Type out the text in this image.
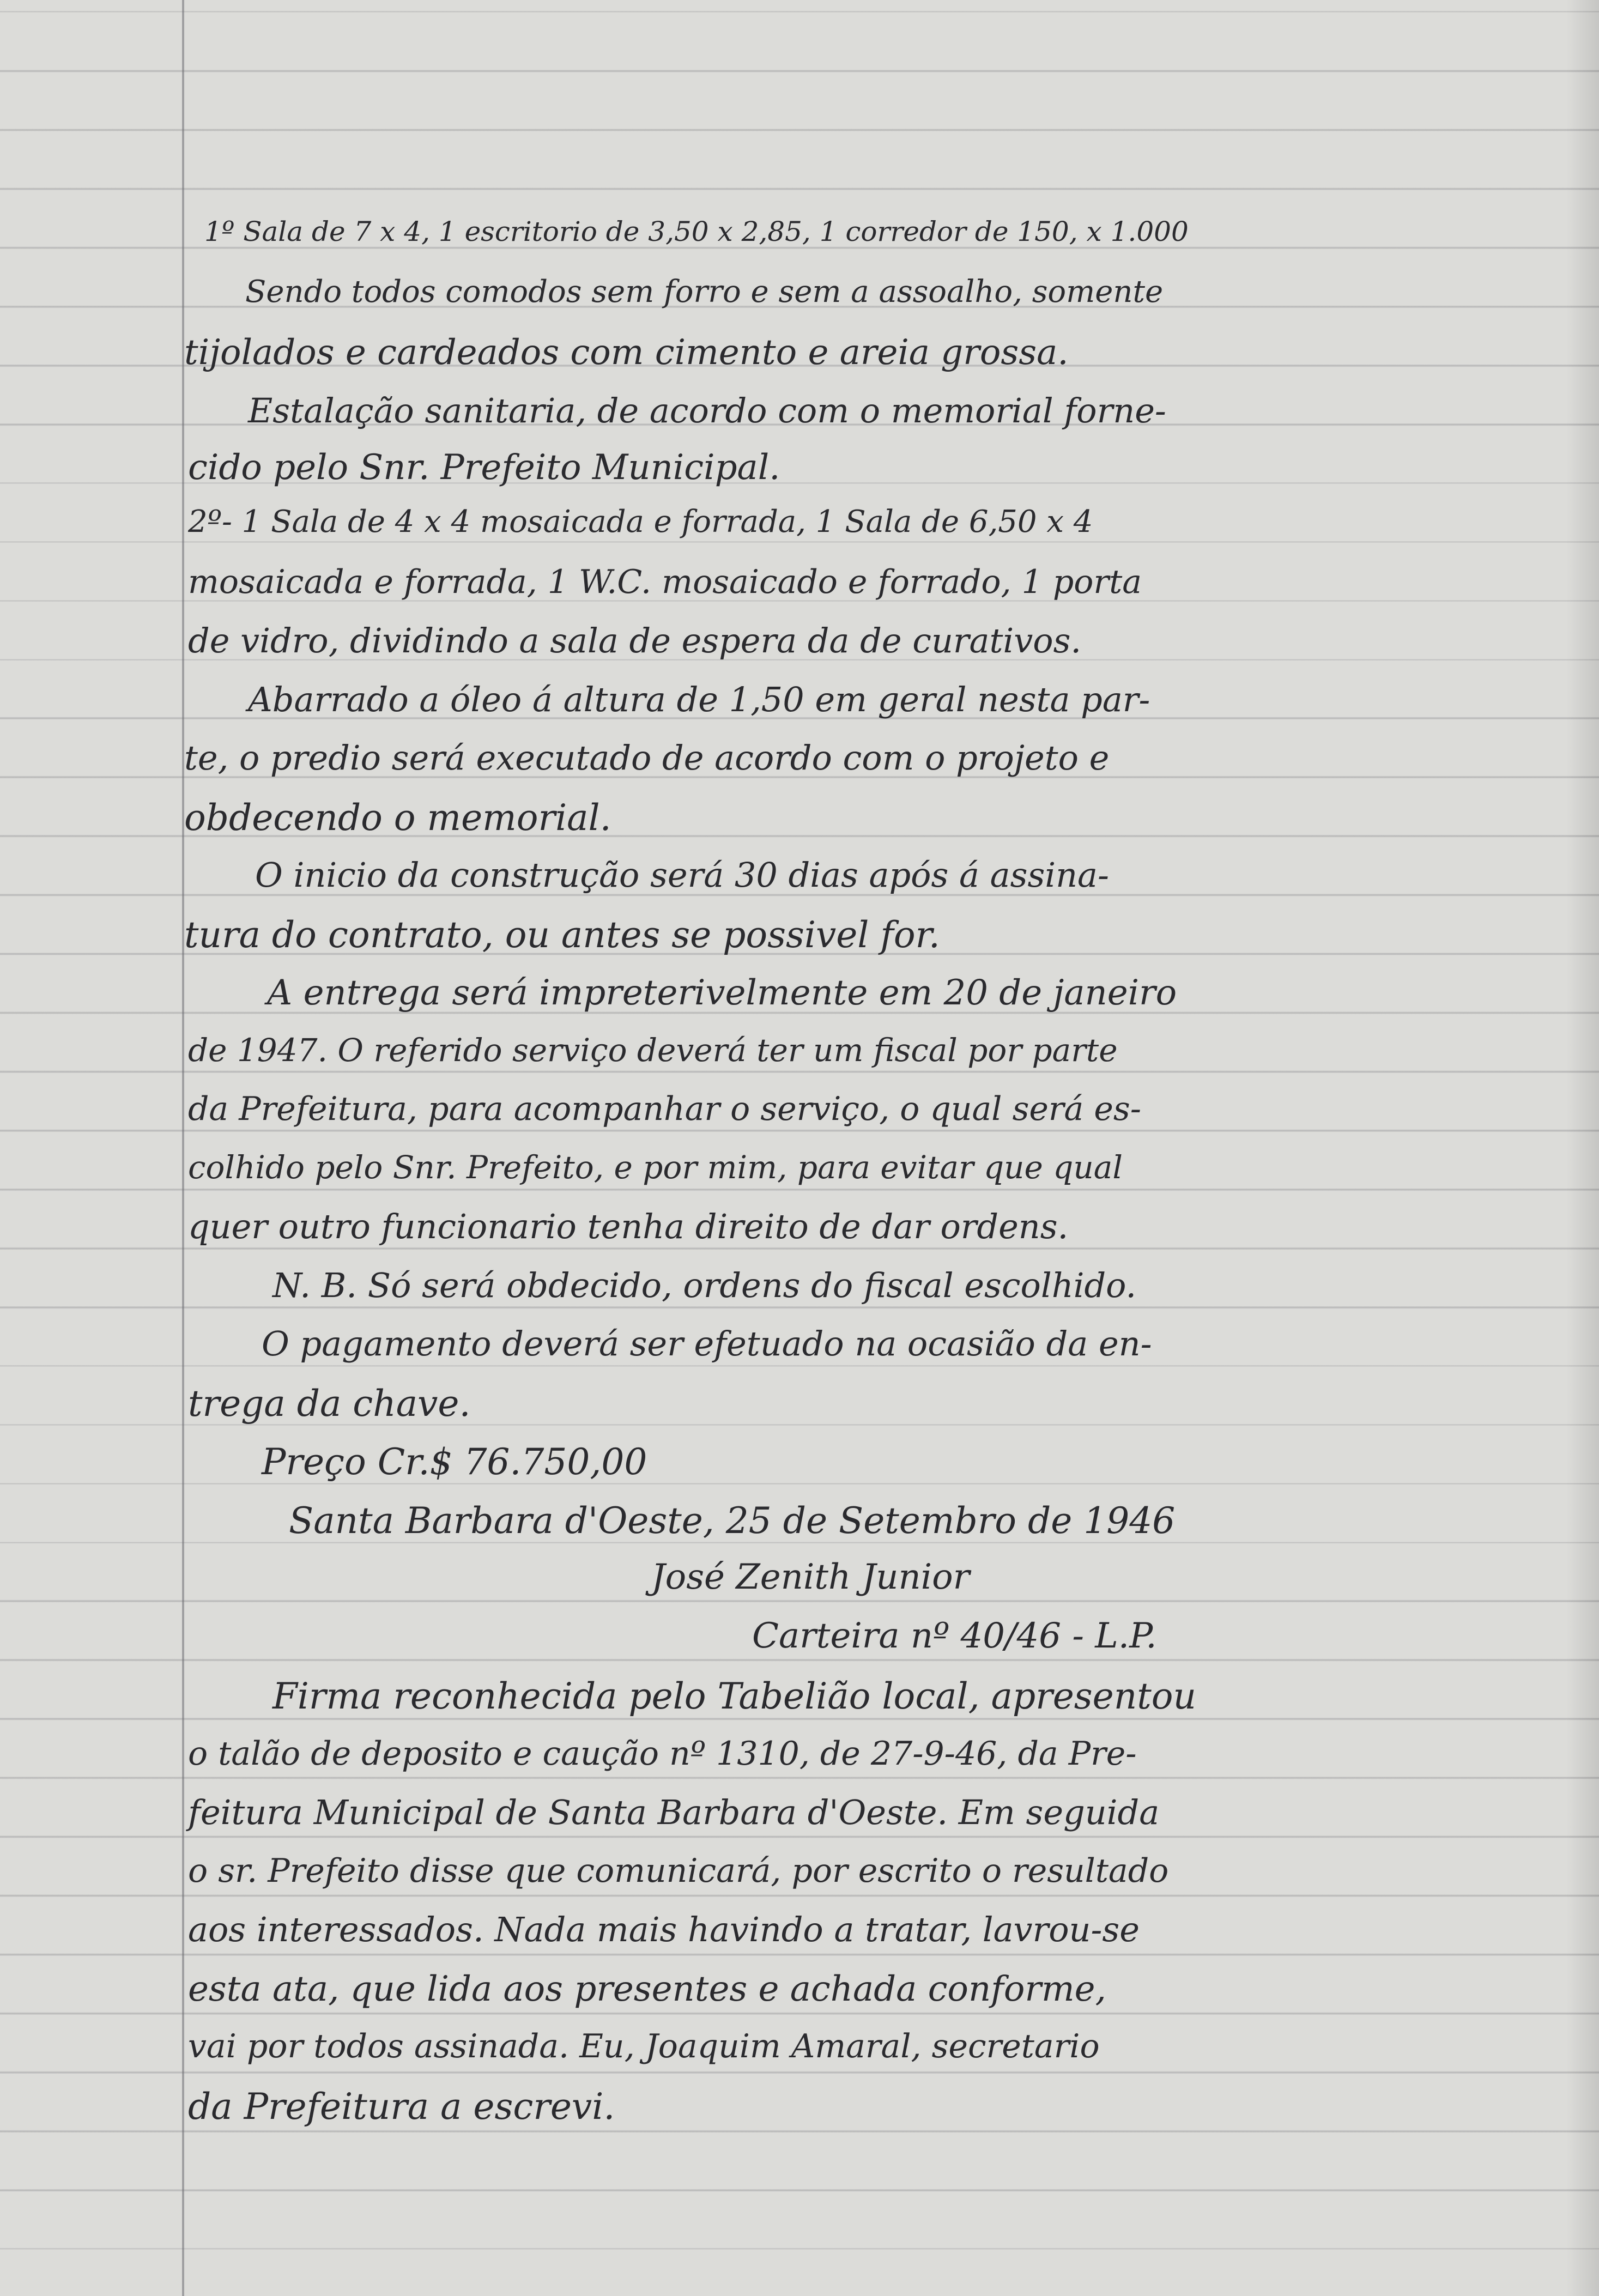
1º Sala de 7 x 4, 1 escritorio de 3,50 x 2,85, 1 corredor de 150, x 1.000
Sendo todos comodos sem forro e sem a assoalho, somente
tijolados e cardeados com cimento e areia grossa.
Estalação sanitaria, de acordo com o memorial forne-
cido pelo Snr. Prefeito Municipal.
2º- 1 Sala de 4 x 4 mosaicada e forrada, 1 Sala de 6,50 x 4
mosaicada e forrada, 1 W.C. mosaicado e forrado, 1 porta
de vidro, dividindo a sala de espera da de curativos.
Abarrado a óleo á altura de 1,50 em geral nesta par-
te, o predio será executado de acordo com o projeto e
obdecendo o memorial.
O inicio da construção será 30 dias após á assina-
tura do contrato, ou antes se possivel for.
A entrega será impreterivelmente em 20 de janeiro
de 1947. O referido serviço deverá ter um fiscal por parte
da Prefeitura, para acompanhar o serviço, o qual será es-
colhido pelo Snr. Prefeito, e por mim, para evitar que qual
quer outro funcionario tenha direito de dar ordens.
N. B. Só será obdecido, ordens do fiscal escolhido.
O pagamento deverá ser efetuado na ocasião da en-
trega da chave.
Preço Cr.$ 76.750,00
Santa Barbara d'Oeste, 25 de Setembro de 1946
José Zenith Junior
Carteira nº 40/46 - L.P.
Firma reconhecida pelo Tabelião local, apresentou
o talão de deposito e caução nº 1310, de 27-9-46, da Pre-
feitura Municipal de Santa Barbara d'Oeste. Em seguida
o sr. Prefeito disse que comunicará, por escrito o resultado
aos interessados. Nada mais havindo a tratar, lavrou-se
esta ata, que lida aos presentes e achada conforme,
vai por todos assinada. Eu, Joaquim Amaral, secretario
da Prefeitura a escrevi.
